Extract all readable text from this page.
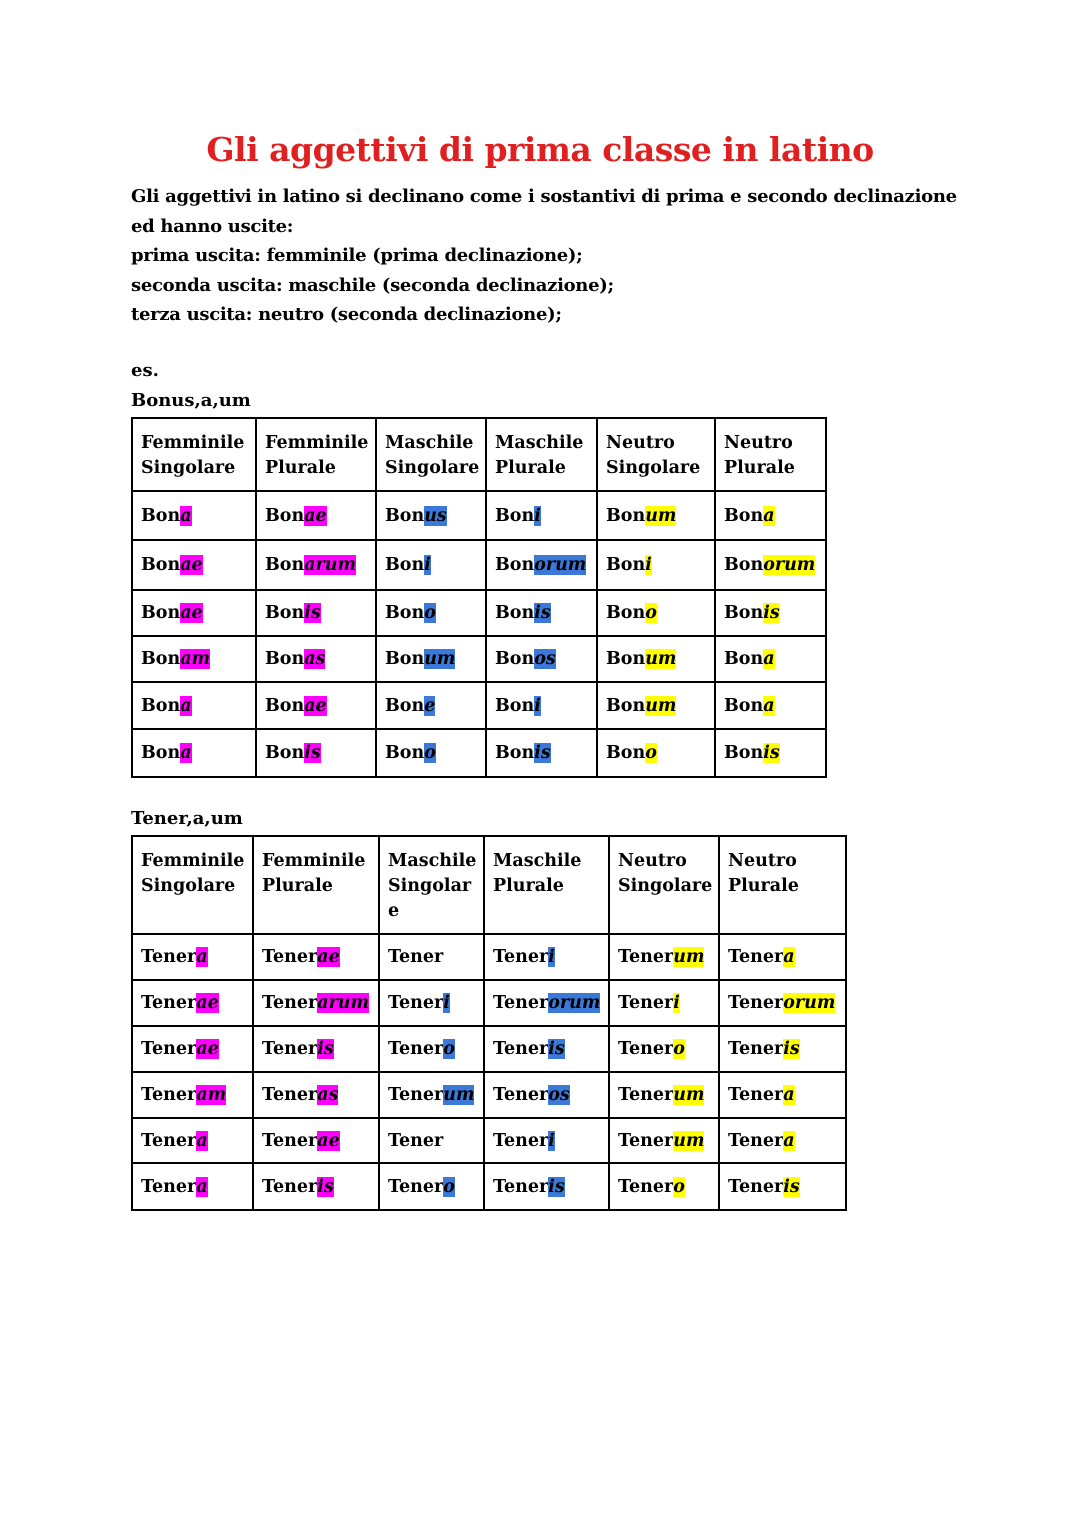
Gli aggettivi di prima classe in latino
Gli aggettivi in latino si declinano come i sostantivi di prima e secondo declinazione
ed hanno uscite:
prima uscita: femminile (prima declinazione);
seconda uscita: maschile (seconda declinazione);
terza uscita: neutro (seconda declinazione);
es.
Bonus,a,um
Femminile Singolare	Femminile Plurale	Maschile Singolare	Maschile Plurale	Neutro Singolare	Neutro Plurale
Bona	Bonae	Bonus	Boni	Bonum	Bona
Bonae	Bonarum	Boni	Bonorum	Boni	Bonorum
Bonae	Bonis	Bono	Bonis	Bono	Bonis
Bonam	Bonas	Bonum	Bonos	Bonum	Bona
Bona	Bonae	Bone	Boni	Bonum	Bona
Bona	Bonis	Bono	Bonis	Bono	Bonis
Tener,a,um
Femminile Singolare	Femminile Plurale	Maschile Singolar e	Maschile Plurale	Neutro Singolare	Neutro Plurale
Tenera	Tenerae	Tener	Teneri	Tenerum	Tenera
Tenerae	Tenerarum	Teneri	Tenerorum	Teneri	Tenerorum
Tenerae	Teneris	Tenero	Teneris	Tenero	Teneris
Teneram	Teneras	Tenerum	Teneros	Tenerum	Tenera
Tenera	Tenerae	Tener	Teneri	Tenerum	Tenera
Tenera	Teneris	Tenero	Teneris	Tenero	Teneris
